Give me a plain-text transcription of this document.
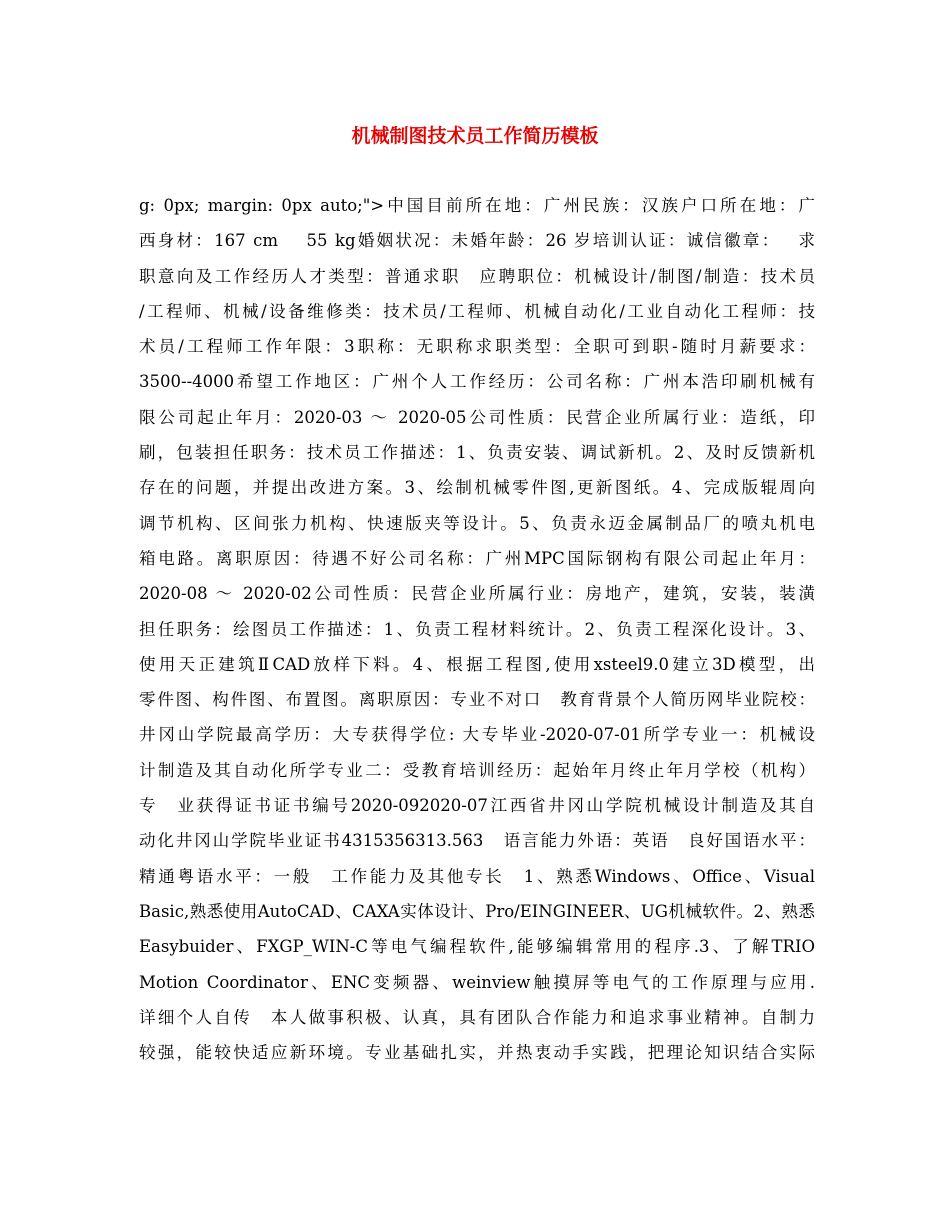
机械制图技术员工作简历模板
g: 0px; margin: 0px auto;">中国目前所在地：广州民族：汉族户口所在地：广
西身材：167 cm　 55 kg婚姻状况：未婚年龄：26 岁培训认证：诚信徽章：　 求
职意向及工作经历人才类型：普通求职　应聘职位：机械设计/制图/制造：技术员
/工程师、机械/设备维修类：技术员/工程师、机械自动化/工业自动化工程师：技
术员/工程师工作年限：3职称：无职称求职类型：全职可到职-随时月薪要求：
3500--4000希望工作地区：广州个人工作经历：公司名称：广州本浩印刷机械有
限公司起止年月：2020-03 ～ 2020-05公司性质：民营企业所属行业：造纸，印
刷，包装担任职务：技术员工作描述：1、负责安装、调试新机。2、及时反馈新机
存在的问题，并提出改进方案。3、绘制机械零件图,更新图纸。4、完成版辊周向
调节机构、区间张力机构、快速版夹等设计。5、负责永迈金属制品厂的喷丸机电
箱电路。离职原因：待遇不好公司名称：广州MPC国际钢构有限公司起止年月：
2020-08 ～ 2020-02公司性质：民营企业所属行业：房地产，建筑，安装，装潢
担任职务：绘图员工作描述：1、负责工程材料统计。2、负责工程深化设计。3、
使用天正建筑ⅡCAD放样下料。4、根据工程图,使用xsteel9.0建立3D模型，出
零件图、构件图、布置图。离职原因：专业不对口　教育背景个人简历网毕业院校：
井冈山学院最高学历：大专获得学位: 大专毕业-2020-07-01所学专业一：机械设
计制造及其自动化所学专业二：受教育培训经历：起始年月终止年月学校（机构）
专　业获得证书证书编号2020-092020-07江西省井冈山学院机械设计制造及其自
动化井冈山学院毕业证书4315356313.563　语言能力外语：英语　良好国语水平：
精通粤语水平：一般　工作能力及其他专长　1、熟悉Windows、Office、Visual
Basic,熟悉使用AutoCAD、CAXA实体设计、Pro/EINGINEER、UG机械软件。2、熟悉
Easybuider、FXGP_WIN-C等电气编程软件,能够编辑常用的程序.3、了解TRIO
Motion Coordinator、ENC变频器、weinview触摸屏等电气的工作原理与应用.
详细个人自传　本人做事积极、认真，具有团队合作能力和追求事业精神。自制力
较强，能较快适应新环境。专业基础扎实，并热衷动手实践，把理论知识结合实际
